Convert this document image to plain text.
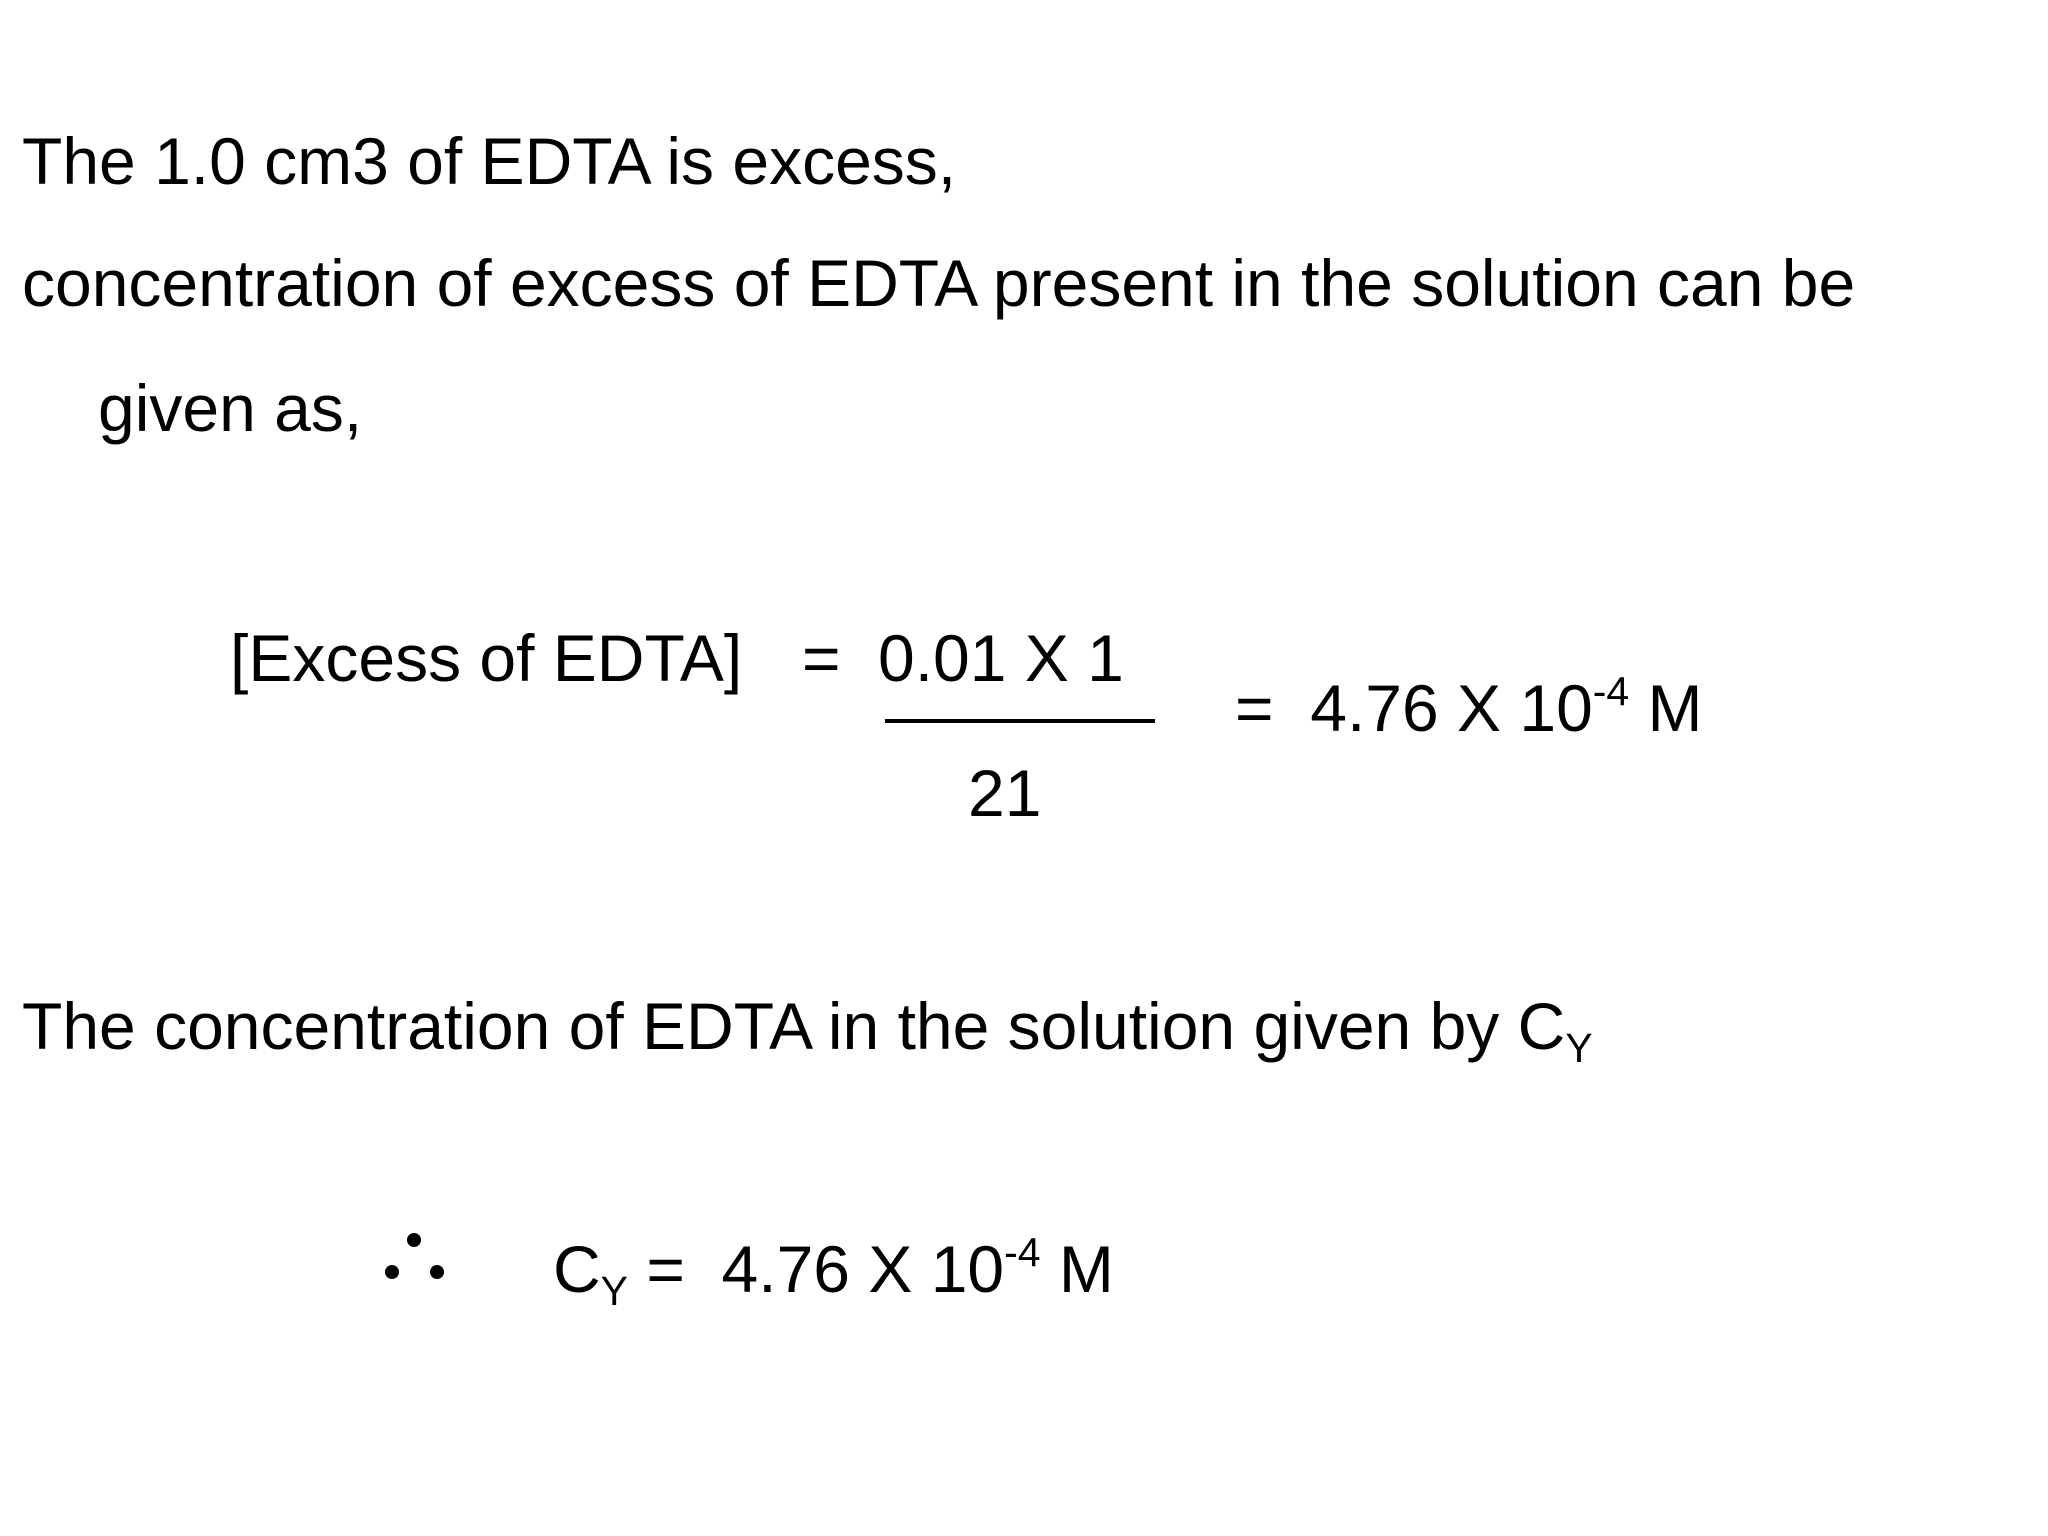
The 1.0 cm3 of EDTA is excess,
concentration of excess of EDTA present in the solution can be
given as,
[Excess of EDTA] = 0.01 X 1
21
= 4.76 X $10^{-4}$ M
The concentration of EDTA in the solution given by $C_Y$
$C_Y = 4.76$ X $10^{-4}$ M
